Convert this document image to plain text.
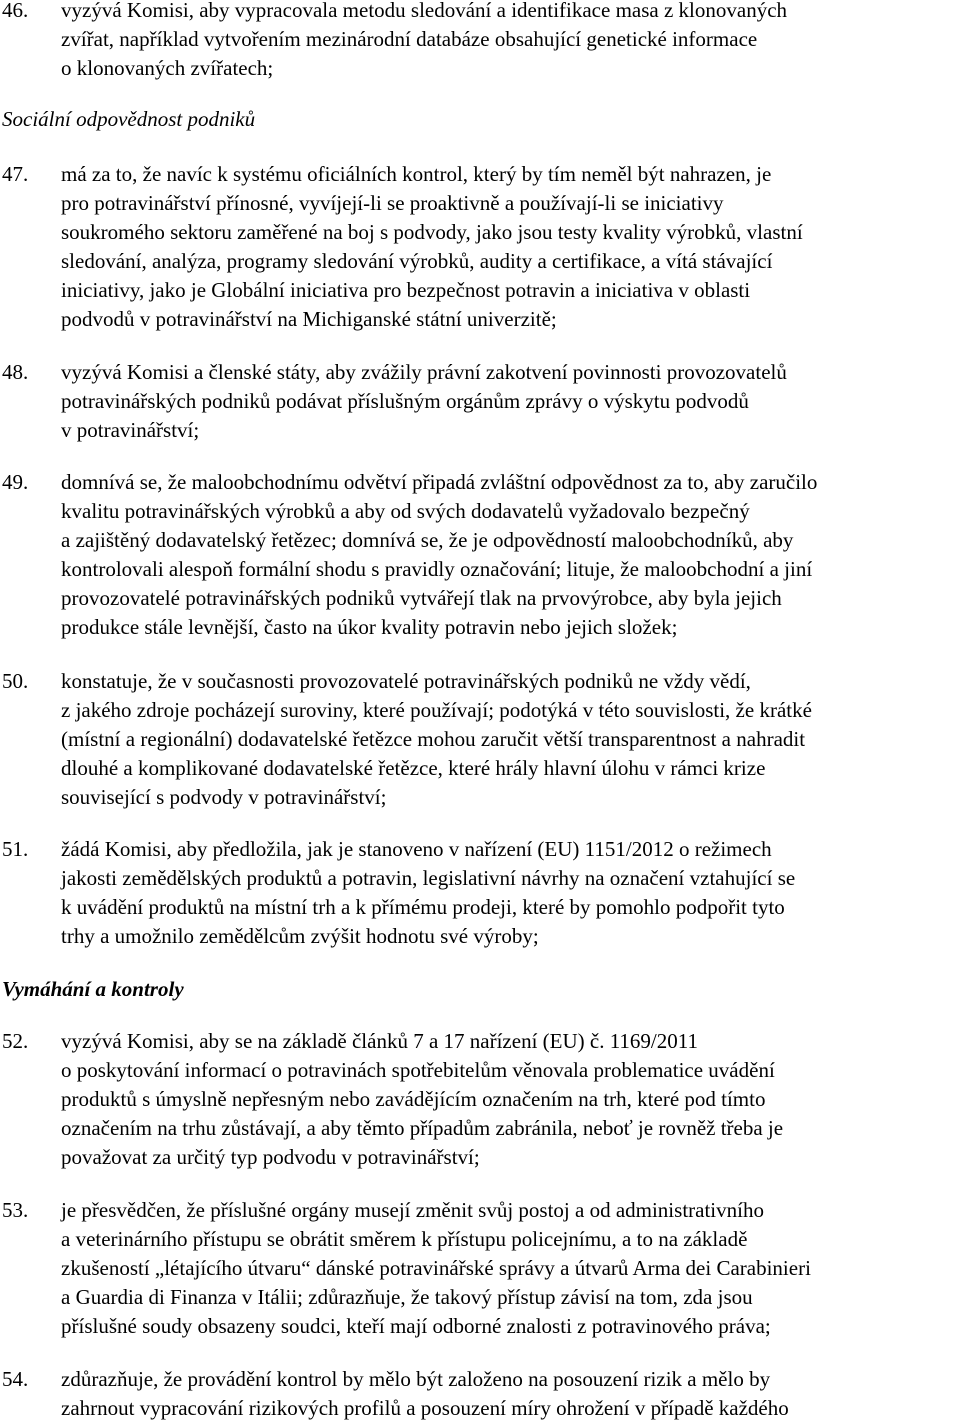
46.	vyzývá Komisi, aby vypracovala metodu sledování a identifikace masa z klonovaných
zvířat, například vytvořením mezinárodní databáze obsahující genetické informace
o klonovaných zvířatech;
Sociální odpovědnost podniků
47.	má za to, že navíc k systému oficiálních kontrol, který by tím neměl být nahrazen, je
pro potravinářství přínosné, vyvíjejí-li se proaktivně a používají-li se iniciativy
soukromého sektoru zaměřené na boj s podvody, jako jsou testy kvality výrobků, vlastní
sledování, analýza, programy sledování výrobků, audity a certifikace, a vítá stávající
iniciativy, jako je Globální iniciativa pro bezpečnost potravin a iniciativa v oblasti
podvodů v potravinářství na Michiganské státní univerzitě;
48.	vyzývá Komisi a členské státy, aby zvážily právní zakotvení povinnosti provozovatelů
potravinářských podniků podávat příslušným orgánům zprávy o výskytu podvodů
v potravinářství;
49.	domnívá se, že maloobchodnímu odvětví připadá zvláštní odpovědnost za to, aby zaručilo
kvalitu potravinářských výrobků a aby od svých dodavatelů vyžadovalo bezpečný
a zajištěný dodavatelský řetězec; domnívá se, že je odpovědností maloobchodníků, aby
kontrolovali alespoň formální shodu s pravidly označování; lituje, že maloobchodní a jiní
provozovatelé potravinářských podniků vytvářejí tlak na prvovýrobce, aby byla jejich
produkce stále levnější, často na úkor kvality potravin nebo jejich složek;
50.	konstatuje, že v současnosti provozovatelé potravinářských podniků ne vždy vědí,
z jakého zdroje pocházejí suroviny, které používají; podotýká v této souvislosti, že krátké
(místní a regionální) dodavatelské řetězce mohou zaručit větší transparentnost a nahradit
dlouhé a komplikované dodavatelské řetězce, které hrály hlavní úlohu v rámci krize
související s podvody v potravinářství;
51.	žádá Komisi, aby předložila, jak je stanoveno v nařízení (EU) 1151/2012 o režimech
jakosti zemědělských produktů a potravin, legislativní návrhy na označení vztahující se
k uvádění produktů na místní trh a k přímému prodeji, které by pomohlo podpořit tyto
trhy a umožnilo zemědělcům zvýšit hodnotu své výroby;
Vymáhání a kontroly
52.	vyzývá Komisi, aby se na základě článků 7 a 17 nařízení (EU) č. 1169/2011
o poskytování informací o potravinách spotřebitelům věnovala problematice uvádění
produktů s úmyslně nepřesným nebo zavádějícím označením na trh, které pod tímto
označením na trhu zůstávají, a aby těmto případům zabránila, neboť je rovněž třeba je
považovat za určitý typ podvodu v potravinářství;
53.	je přesvědčen, že příslušné orgány musejí změnit svůj postoj a od administrativního
a veterinárního přístupu se obrátit směrem k přístupu policejnímu, a to na základě
zkušeností „létajícího útvaru“ dánské potravinářské správy a útvarů Arma dei Carabinieri
a Guardia di Finanza v Itálii; zdůrazňuje, že takový přístup závisí na tom, zda jsou
příslušné soudy obsazeny soudci, kteří mají odborné znalosti z potravinového práva;
54.	zdůrazňuje, že provádění kontrol by mělo být založeno na posouzení rizik a mělo by
zahrnout vypracování rizikových profilů a posouzení míry ohrožení v případě každého
